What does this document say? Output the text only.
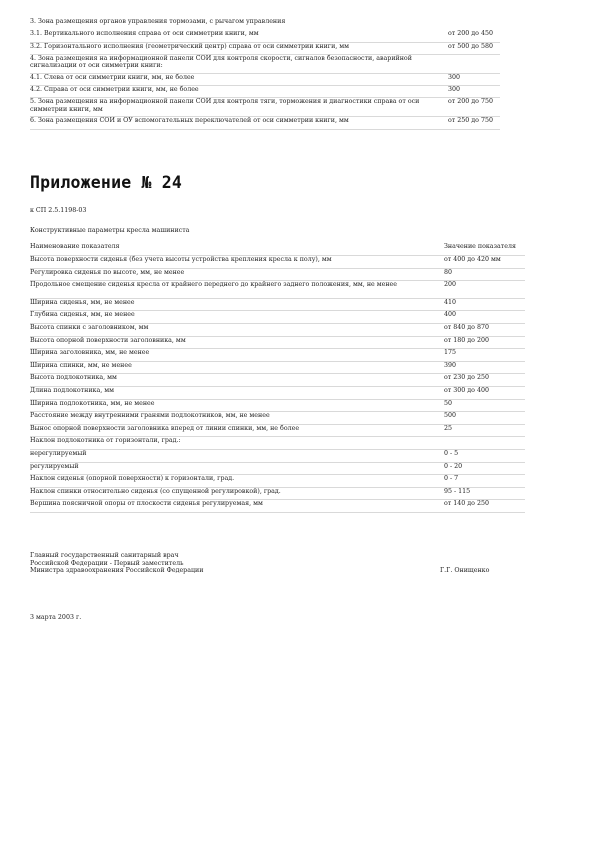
3. Зона размещения органов управления тормозами, с рычагом управления	
3.1. Вертикального исполнения справа от оси симметрии книги, мм	от 200 до 450
3.2. Горизонтального исполнения (геометрический центр) справа от оси симметрии книги, мм	от 500 до 580
4. Зона размещения на информационной панели СОИ для контроля скорости, сигналов безопасности, аварийной сигнализации от оси симметрии книги:	
4.1. Слева от оси симметрии книги, мм, не более	300
4.2. Справа от оси симметрии книги, мм, не более	300
5. Зона размещения на информационной панели СОИ для контроля тяги, торможения и диагностики справа от оси симметрии книги, мм	от 200 до 750
6. Зона размещения СОИ и ОУ вспомогательных переключателей от оси симметрии книги, мм	от 250 до 750
Приложение № 24
к СП 2.5.1198-03
Конструктивные параметры кресла машиниста
Наименование показателя	Значение показателя
Высота поверхности сиденья (без учета высоты устройства крепления кресла к полу), мм	от 400 до 420 мм
Регулировка сиденья по высоте, мм, не менее	80
Продольное смещение сиденья кресла от крайнего переднего до крайнего заднего положения, мм, не менее	200
Ширина сиденья, мм, не менее	410
Глубина сиденья, мм, не менее	400
Высота спинки с заголовником, мм	от 840 до 870
Высота опорной поверхности заголовника, мм	от 180 до 200
Ширина заголовника, мм, не менее	175
Ширина спинки, мм, не менее	390
Высота подлокотника, мм	от 230 до 250
Длина подлокотника, мм	от 300 до 400
Ширина подлокотника, мм, не менее	50
Расстояние между внутренними гранями подлокотников, мм, не менее	500
Вынос опорной поверхности заголовника вперед от линии спинки, мм, не более	25
Наклон подлокотника от горизонтали, град.:	
нерегулируемый	0 - 5
регулируемый	0 - 20
Наклон сиденья (опорной поверхности) к горизонтали, град.	0 - 7
Наклон спинки относительно сиденья (со спущенной регулировкой), град.	95 - 115
Вершина поясничной опоры от плоскости сиденья регулируемая, мм	от 140 до 250
Главный государственный санитарный врач
Российской Федерации - Первый заместитель
Министра здравоохранения Российской Федерации	Г.Г. Онищенко
3 марта 2003 г.
